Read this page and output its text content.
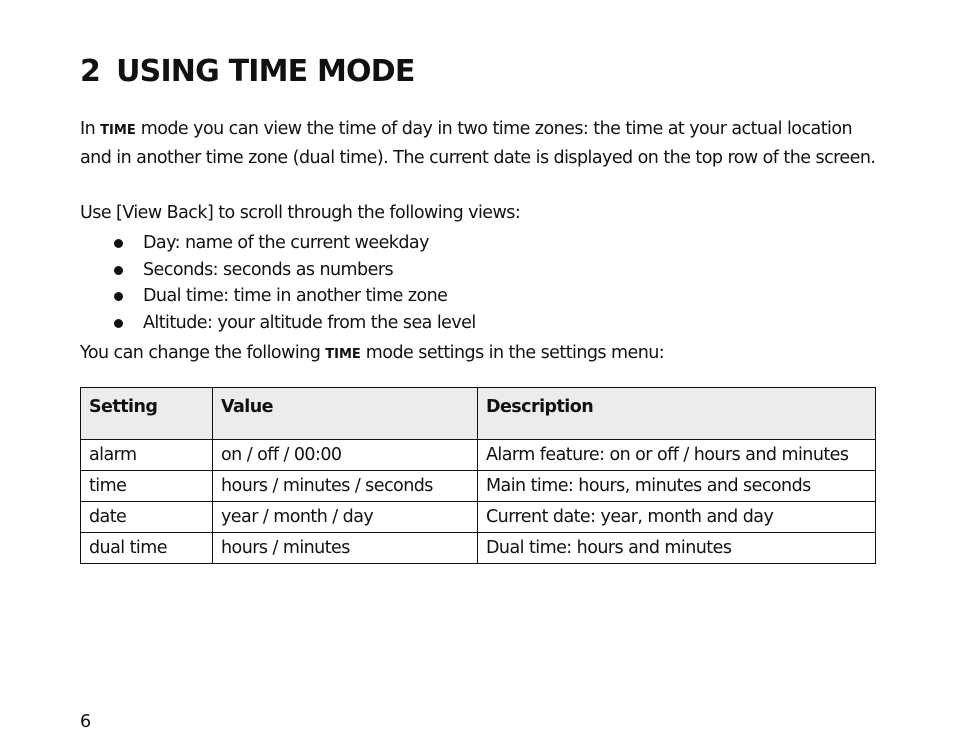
2 USING TIME MODE

In TIME mode you can view the time of day in two time zones: the time at your actual location and in another time zone (dual time). The current date is displayed on the top row of the screen.

Use [View Back] to scroll through the following views:

Day: name of the current weekday
Seconds: seconds as numbers
Dual time: time in another time zone
Altitude: your altitude from the sea level

You can change the following TIME mode settings in the settings menu:

Setting	Value	Description
alarm	on / off / 00:00	Alarm feature: on or off / hours and minutes
time	hours / minutes / seconds	Main time: hours, minutes and seconds
date	year / month / day	Current date: year, month and day
dual time	hours / minutes	Dual time: hours and minutes

6
